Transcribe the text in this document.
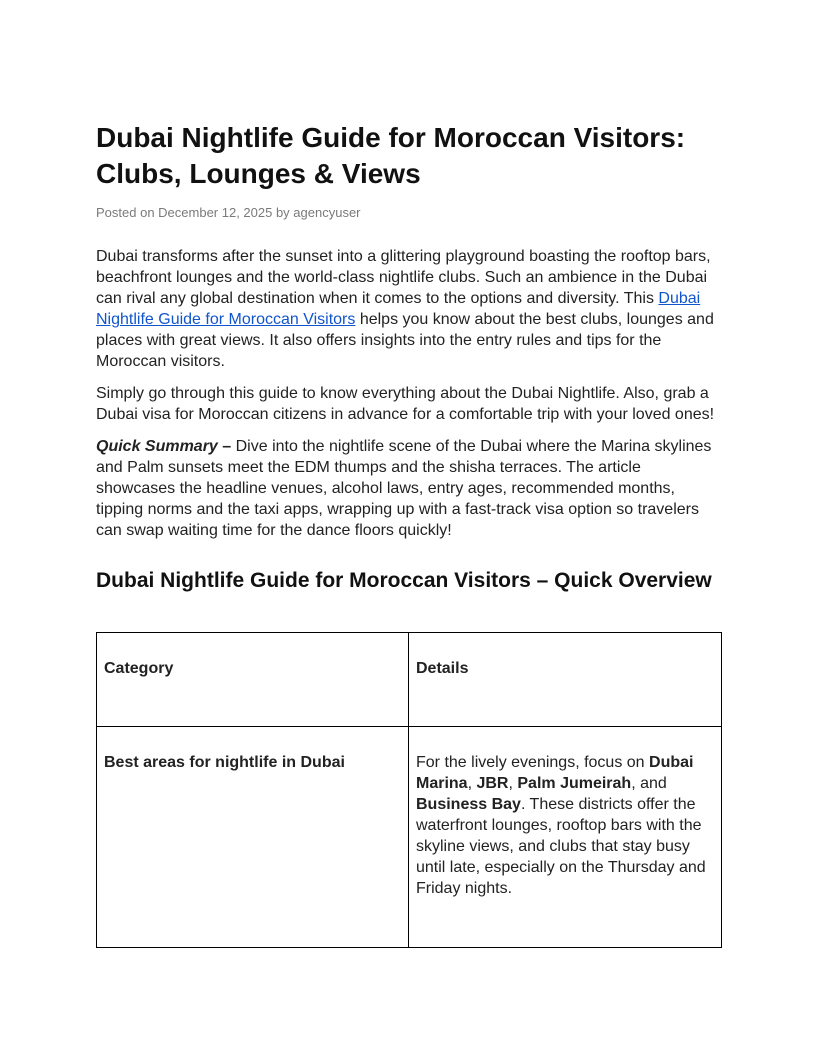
Dubai Nightlife Guide for Moroccan Visitors: Clubs, Lounges & Views
Posted on December 12, 2025 by agencyuser

Dubai transforms after the sunset into a glittering playground boasting the rooftop bars, beachfront lounges and the world-class nightlife clubs. Such an ambience in the Dubai can rival any global destination when it comes to the options and diversity. This Dubai Nightlife Guide for Moroccan Visitors helps you know about the best clubs, lounges and places with great views. It also offers insights into the entry rules and tips for the Moroccan visitors.

Simply go through this guide to know everything about the Dubai Nightlife. Also, grab a Dubai visa for Moroccan citizens in advance for a comfortable trip with your loved ones!

Quick Summary – Dive into the nightlife scene of the Dubai where the Marina skylines and Palm sunsets meet the EDM thumps and the shisha terraces. The article showcases the headline venues, alcohol laws, entry ages, recommended months, tipping norms and the taxi apps, wrapping up with a fast-track visa option so travelers can swap waiting time for the dance floors quickly!

Dubai Nightlife Guide for Moroccan Visitors – Quick Overview
Category	Details
Best areas for nightlife in Dubai	For the lively evenings, focus on Dubai Marina, JBR, Palm Jumeirah, and Business Bay. These districts offer the waterfront lounges, rooftop bars with the skyline views, and clubs that stay busy until late, especially on the Thursday and Friday nights.
